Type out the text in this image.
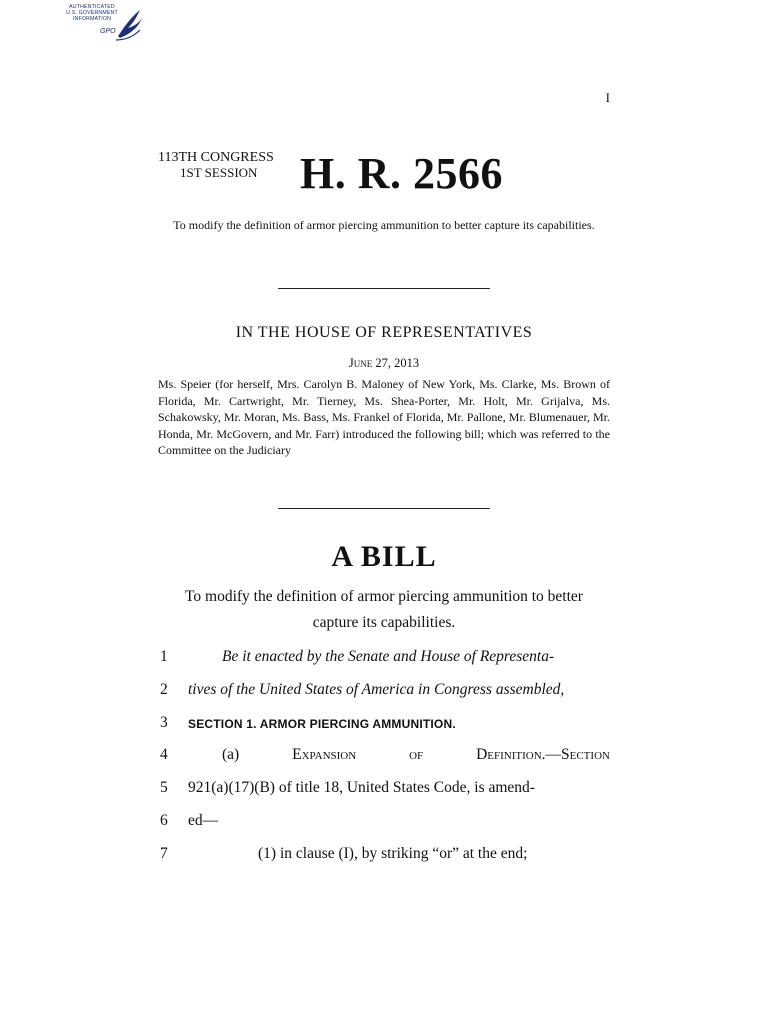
AUTHENTICATED
U.S. GOVERNMENT
INFORMATION
GPO
I
113TH CONGRESS
1ST SESSION H. R. 2566
To modify the definition of armor piercing ammunition to better capture its capabilities.
IN THE HOUSE OF REPRESENTATIVES
June 27, 2013
Ms. Speier (for herself, Mrs. Carolyn B. Maloney of New York, Ms. Clarke, Ms. Brown of Florida, Mr. Cartwright, Mr. Tierney, Ms. Shea-Porter, Mr. Holt, Mr. Grijalva, Ms. Schakowsky, Mr. Moran, Ms. Bass, Ms. Frankel of Florida, Mr. Pallone, Mr. Blumenauer, Mr. Honda, Mr. McGovern, and Mr. Farr) introduced the following bill; which was referred to the Committee on the Judiciary
A BILL
To modify the definition of armor piercing ammunition to better capture its capabilities.
1	Be it enacted by the Senate and House of Representa-
2	tives of the United States of America in Congress assembled,
3	SECTION 1. ARMOR PIERCING AMMUNITION.
4	(a)	Expansion	of	Definition.—Section
5	921(a)(17)(B) of title 18, United States Code, is amend-
6	ed—
7	(1) in clause (I), by striking “or” at the end;
